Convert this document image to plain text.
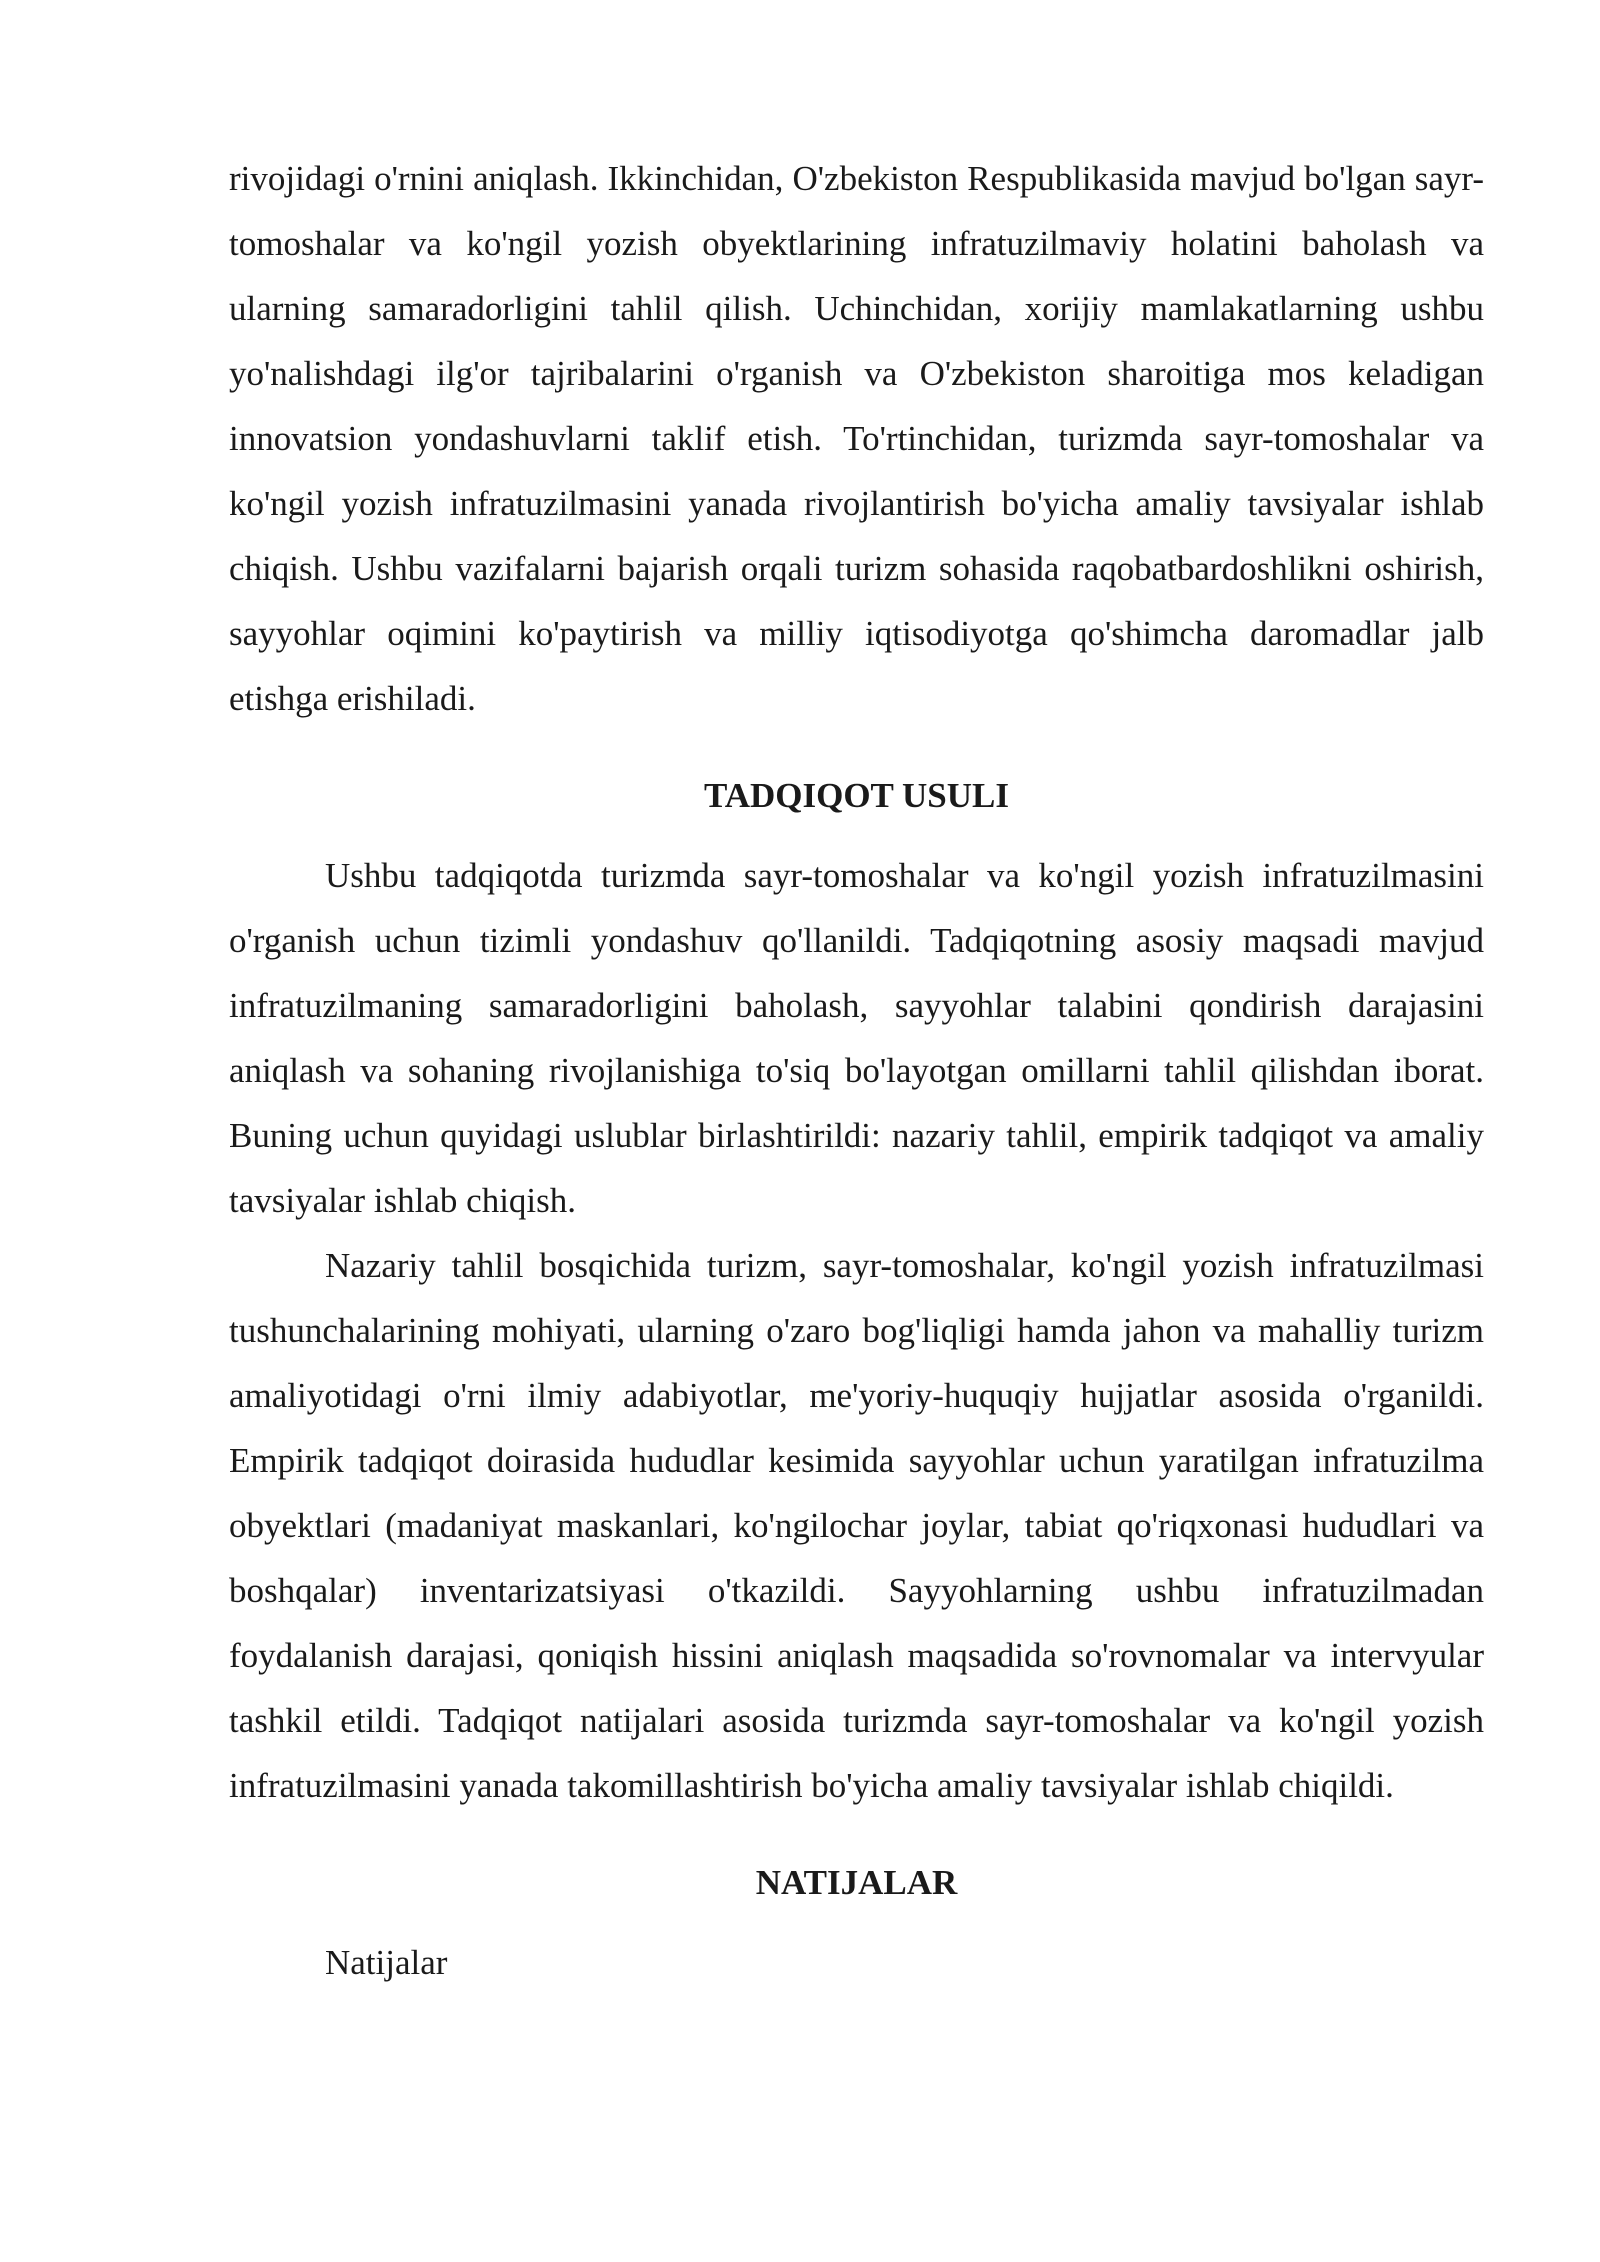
rivojidagi o'rnini aniqlash. Ikkinchidan, O'zbekiston Respublikasida mavjud bo'lgan sayr-tomoshalar va ko'ngil yozish obyektlarining infratuzilmaviy holatini baholash va ularning samaradorligini tahlil qilish. Uchinchidan, xorijiy mamlakatlarning ushbu yo'nalishdagi ilg'or tajribalarini o'rganish va O'zbekiston sharoitiga mos keladigan innovatsion yondashuvlarni taklif etish. To'rtinchidan, turizmda sayr-tomoshalar va ko'ngil yozish infratuzilmasini yanada rivojlantirish bo'yicha amaliy tavsiyalar ishlab chiqish. Ushbu vazifalarni bajarish orqali turizm sohasida raqobatbardoshlikni oshirish, sayyohlar oqimini ko'paytirish va milliy iqtisodiyotga qo'shimcha daromadlar jalb etishga erishiladi.

TADQIQOT USULI

Ushbu tadqiqotda turizmda sayr-tomoshalar va ko'ngil yozish infratuzilmasini o'rganish uchun tizimli yondashuv qo'llanildi. Tadqiqotning asosiy maqsadi mavjud infratuzilmaning samaradorligini baholash, sayyohlar talabini qondirish darajasini aniqlash va sohaning rivojlanishiga to'siq bo'layotgan omillarni tahlil qilishdan iborat. Buning uchun quyidagi uslublar birlashtirildi: nazariy tahlil, empirik tadqiqot va amaliy tavsiyalar ishlab chiqish.

Nazariy tahlil bosqichida turizm, sayr-tomoshalar, ko'ngil yozish infratuzilmasi tushunchalarining mohiyati, ularning o'zaro bog'liqligi hamda jahon va mahalliy turizm amaliyotidagi o'rni ilmiy adabiyotlar, me'yoriy-huquqiy hujjatlar asosida o'rganildi. Empirik tadqiqot doirasida hududlar kesimida sayyohlar uchun yaratilgan infratuzilma obyektlari (madaniyat maskanlari, ko'ngilochar joylar, tabiat qo'riqxonasi hududlari va boshqalar) inventarizatsiyasi o'tkazildi. Sayyohlarning ushbu infratuzilmadan foydalanish darajasi, qoniqish hissini aniqlash maqsadida so'rovnomalar va intervyular tashkil etildi. Tadqiqot natijalari asosida turizmda sayr-tomoshalar va ko'ngil yozish infratuzilmasini yanada takomillashtirish bo'yicha amaliy tavsiyalar ishlab chiqildi.

NATIJALAR

Natijalar
